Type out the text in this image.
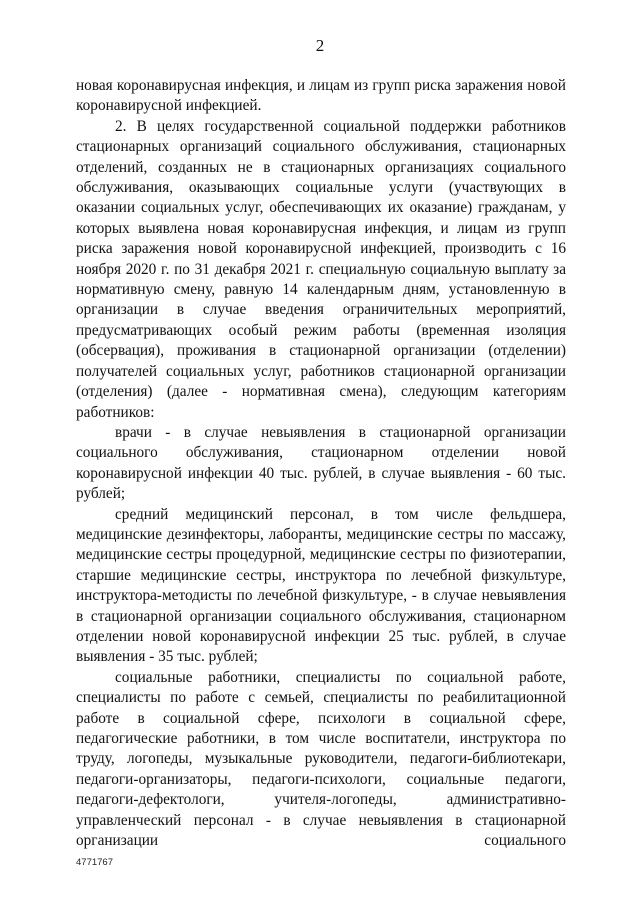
2

новая коронавирусная инфекция, и лицам из групп риска заражения новой коронавирусной инфекцией.

2. В целях государственной социальной поддержки работников стационарных организаций социального обслуживания, стационарных отделений, созданных не в стационарных организациях социального обслуживания, оказывающих социальные услуги (участвующих в оказании социальных услуг, обеспечивающих их оказание) гражданам, у которых выявлена новая коронавирусная инфекция, и лицам из групп риска заражения новой коронавирусной инфекцией, производить с 16 ноября 2020 г. по 31 декабря 2021 г. специальную социальную выплату за нормативную смену, равную 14 календарным дням, установленную в организации в случае введения ограничительных мероприятий, предусматривающих особый режим работы (временная изоляция (обсервация), проживания в стационарной организации (отделении) получателей социальных услуг, работников стационарной организации (отделения) (далее - нормативная смена), следующим категориям работников:

врачи - в случае невыявления в стационарной организации социального обслуживания, стационарном отделении новой коронавирусной инфекции 40 тыс. рублей, в случае выявления - 60 тыс. рублей;

средний медицинский персонал, в том числе фельдшера, медицинские дезинфекторы, лаборанты, медицинские сестры по массажу, медицинские сестры процедурной, медицинские сестры по физиотерапии, старшие медицинские сестры, инструктора по лечебной физкультуре, инструктора-методисты по лечебной физкультуре, - в случае невыявления в стационарной организации социального обслуживания, стационарном отделении новой коронавирусной инфекции 25 тыс. рублей, в случае выявления - 35 тыс. рублей;

социальные работники, специалисты по социальной работе, специалисты по работе с семьей, специалисты по реабилитационной работе в социальной сфере, психологи в социальной сфере, педагогические работники, в том числе воспитатели, инструктора по труду, логопеды, музыкальные руководители, педагоги-библиотекари, педагоги-организаторы, педагоги-психологи, социальные педагоги, педагоги-дефектологи, учителя-логопеды, административно-управленческий персонал - в случае невыявления в стационарной организации социального

4771767
